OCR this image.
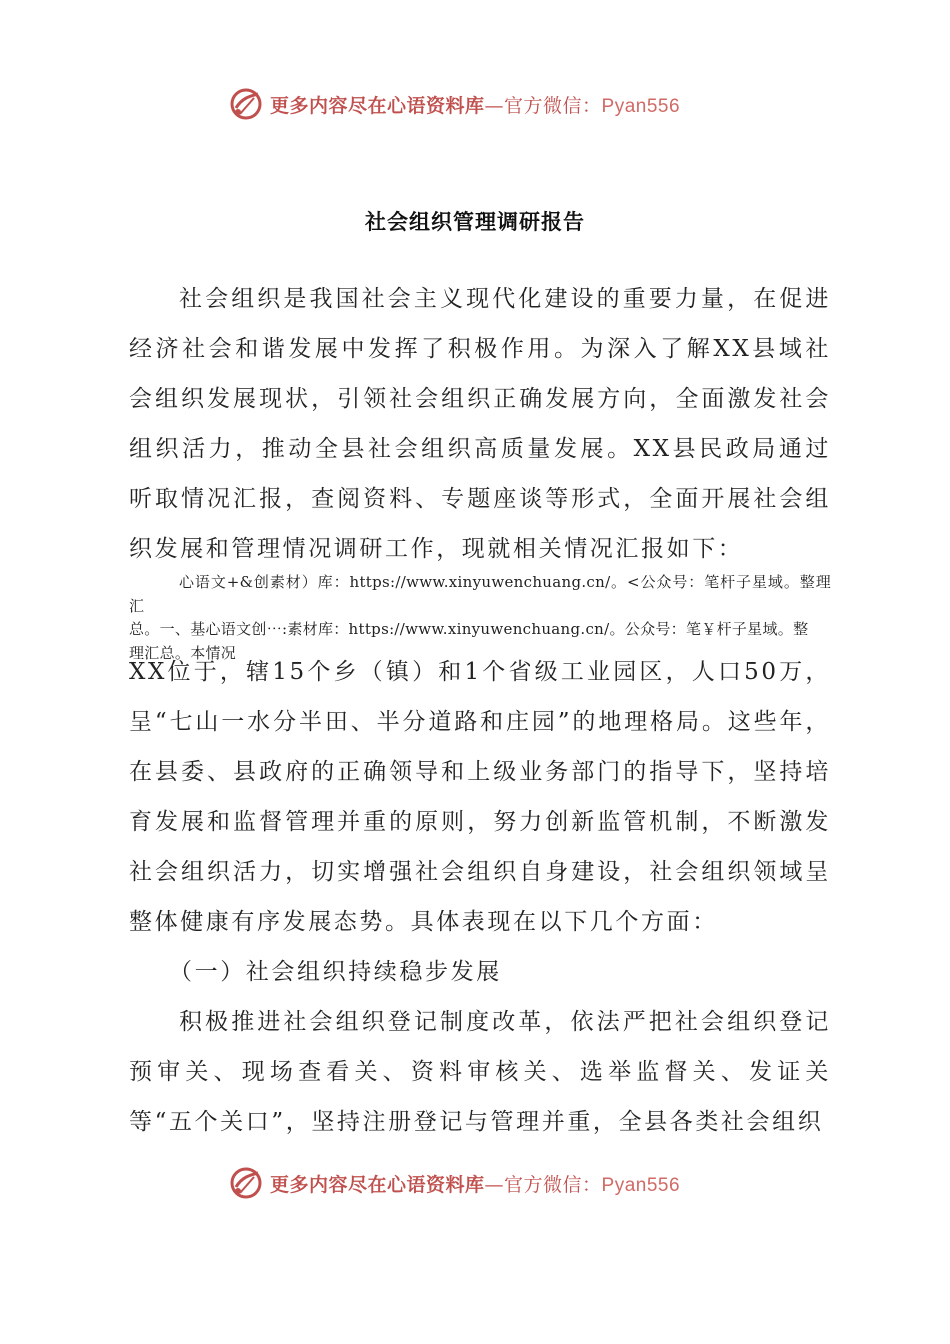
更多内容尽在心语资料库—官方微信：Pyan556
社会组织管理调研报告

社会组织是我国社会主义现代化建设的重要力量，在促进经济社会和谐发展中发挥了积极作用。为深入了解XX县域社会组织发展现状，引领社会组织正确发展方向，全面激发社会组织活力，推动全县社会组织高质量发展。XX县民政局通过听取情况汇报，查阅资料、专题座谈等形式，全面开展社会组织发展和管理情况调研工作，现就相关情况汇报如下：

心语文+&创素材）库：https://www.xinyuwenchuang.cn/。<公众号：笔杆子星域。整理汇

总。一、基心语文创⋯:素材库：https://www.xinyuwenchuang.cn/。公众号：笔￥杆子星域。整

理汇总。本情况

XX位于，辖15个乡（镇）和1个省级工业园区，人口50万，呈“七山一水分半田、半分道路和庄园”的地理格局。这些年，在县委、县政府的正确领导和上级业务部门的指导下，坚持培育发展和监督管理并重的原则，努力创新监管机制，不断激发社会组织活力，切实增强社会组织自身建设，社会组织领域呈整体健康有序发展态势。具体表现在以下几个方面：

（一）社会组织持续稳步发展

积极推进社会组织登记制度改革，依法严把社会组织登记预审关、现场查看关、资料审核关、选举监督关、发证关等“五个关口”，坚持注册登记与管理并重，全县各类社会组织

更多内容尽在心语资料库—官方微信：Pyan556
